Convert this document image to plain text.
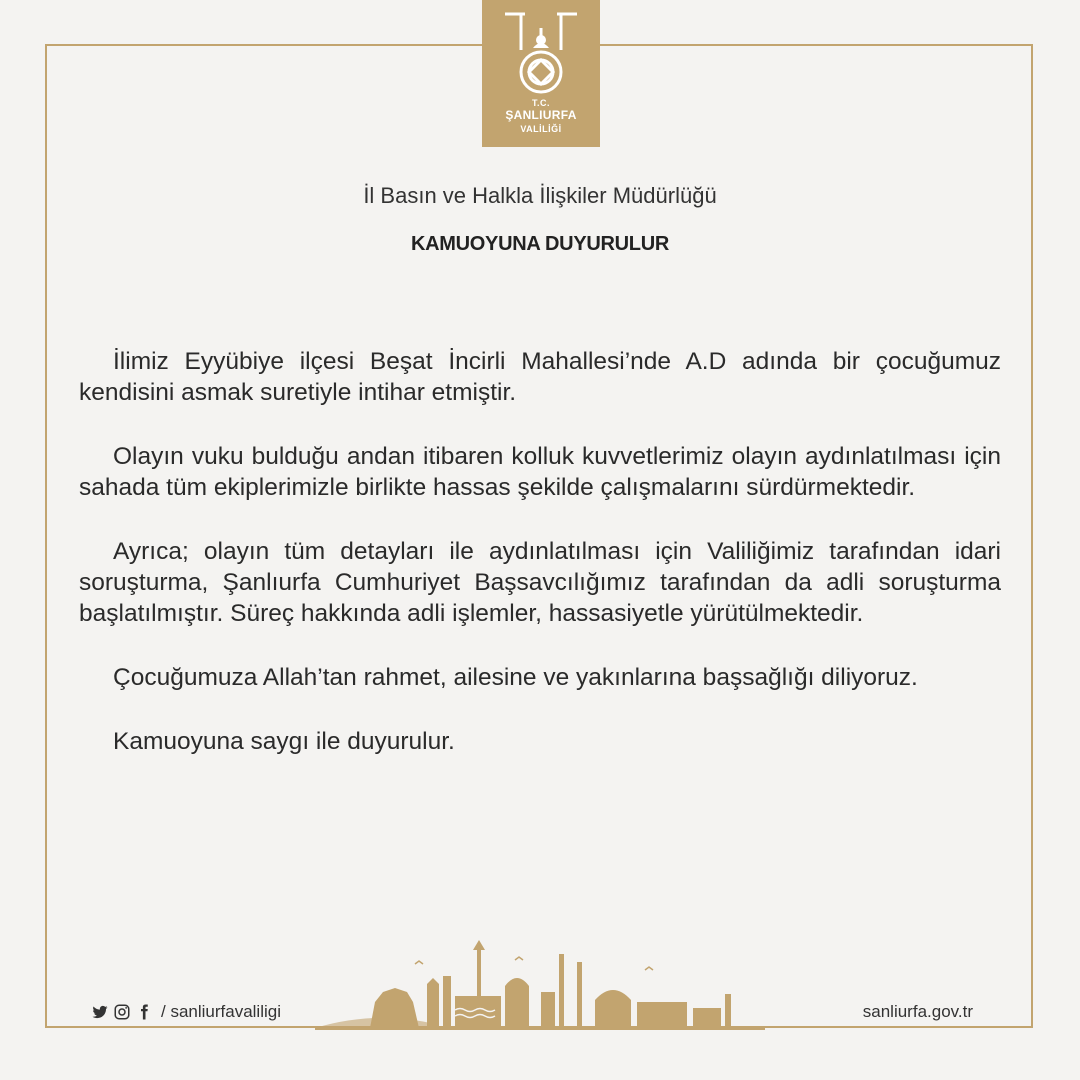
T.C.
ŞANLIURFA
VALİLİĞİ
İl Basın ve Halkla İlişkiler Müdürlüğü
KAMUOYUNA DUYURULUR

İlimiz Eyyübiye ilçesi Beşat İncirli Mahallesi’nde A.D adında bir çocuğumuz kendisini asmak suretiyle intihar etmiştir.

Olayın vuku bulduğu andan itibaren kolluk kuvvetlerimiz olayın aydınlatılması için sahada tüm ekiplerimizle birlikte hassas şekilde çalışmalarını sürdürmektedir.

Ayrıca; olayın tüm detayları ile aydınlatılması için Valiliğimiz tarafından idari soruşturma, Şanlıurfa Cumhuriyet Başsavcılığımız tarafından da adli soruşturma başlatılmıştır. Süreç hakkında adli işlemler, hassasiyetle yürütülmektedir.

Çocuğumuza Allah’tan rahmet, ailesine ve yakınlarına başsağlığı diliyoruz.

Kamuoyuna saygı ile duyurulur.

/ sanliurfavaliligi	sanliurfa.gov.tr
